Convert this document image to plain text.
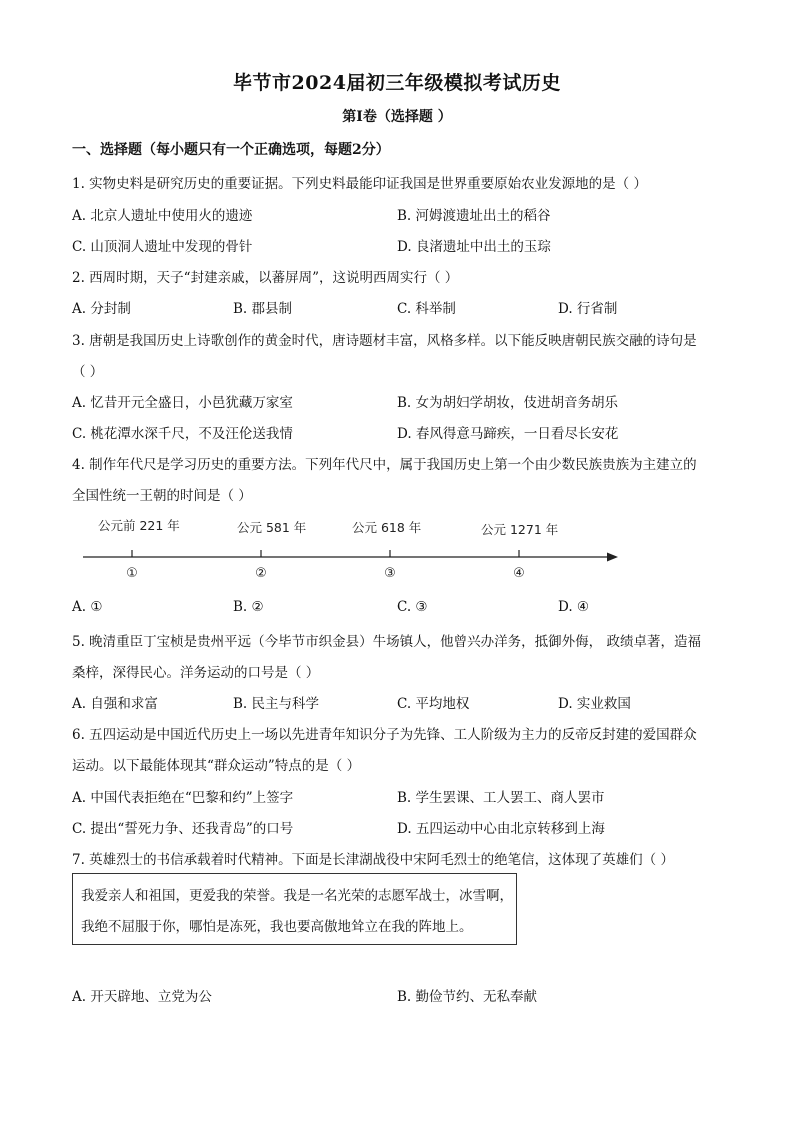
毕节市2024届初三年级模拟考试历史
第I卷（选择题 ）
一、选择题（每小题只有一个正确选项，每题2分）
1. 实物史料是研究历史的重要证据。下列史料最能印证我国是世界重要原始农业发源地的是（ ）
A. 北京人遗址中使用火的遗迹	B. 河姆渡遗址出土的稻谷
C. 山顶洞人遗址中发现的骨针	D. 良渚遗址中出土的玉琮
2. 西周时期，天子“封建亲戚，以蕃屏周”，这说明西周实行（ ）
A. 分封制	B. 郡县制	C. 科举制	D. 行省制
3. 唐朝是我国历史上诗歌创作的黄金时代，唐诗题材丰富，风格多样。以下能反映唐朝民族交融的诗句是
（ ）
A. 忆昔开元全盛日，小邑犹藏万家室	B. 女为胡妇学胡妆，伎进胡音务胡乐
C. 桃花潭水深千尺，不及汪伦送我情	D. 春风得意马蹄疾，一日看尽长安花
4. 制作年代尺是学习历史的重要方法。下列年代尺中，属于我国历史上第一个由少数民族贵族为主建立的
全国性统一王朝的时间是（ ）
公元前 221 年	公元 581 年	公元 618 年	公元 1271 年
①	②	③	④
A. ①	B. ②	C. ③	D. ④
5. 晚清重臣丁宝桢是贵州平远（今毕节市织金县）牛场镇人，他曾兴办洋务，抵御外侮， 政绩卓著，造福
桑梓，深得民心。洋务运动的口号是（ ）
A. 自强和求富	B. 民主与科学	C. 平均地权	D. 实业救国
6. 五四运动是中国近代历史上一场以先进青年知识分子为先锋、工人阶级为主力的反帝反封建的爱国群众
运动。以下最能体现其“群众运动”特点的是（ ）
A. 中国代表拒绝在“巴黎和约”上签字	B. 学生罢课、工人罢工、商人罢市
C. 提出“誓死力争、还我青岛”的口号	D. 五四运动中心由北京转移到上海
7. 英雄烈士的书信承载着时代精神。下面是长津湖战役中宋阿毛烈士的绝笔信，这体现了英雄们（ ）
我爱亲人和祖国，更爱我的荣誉。我是一名光荣的志愿军战士，冰雪啊，
我绝不屈服于你，哪怕是冻死，我也要高傲地耸立在我的阵地上。
A. 开天辟地、立党为公	B. 勤俭节约、无私奉献
